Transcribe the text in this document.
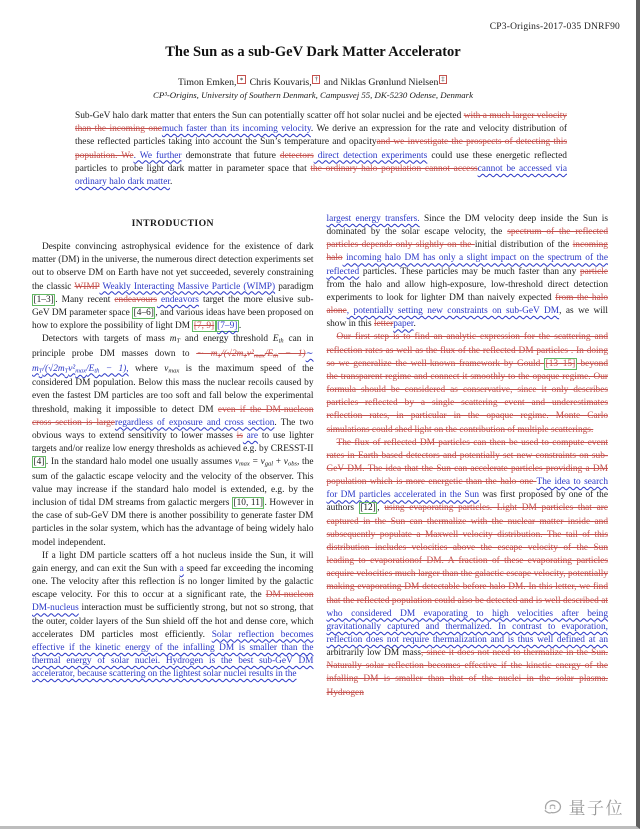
CP3-Origins-2017-035 DNRF90
The Sun as a sub-GeV Dark Matter Accelerator
Timon Emken, ∗ Chris Kouvaris, † and Niklas Grønlund Nielsen ‡
CP³-Origins, University of Southern Denmark, Campusvej 55, DK-5230 Odense, Denmark
Sub-GeV halo dark matter that enters the Sun can potentially scatter off hot solar nuclei and be ejected with a much larger velocity than the incoming onemuch faster than its incoming velocity. We derive an expression for the rate and velocity distribution of these reflected particles taking into account the Sun’s temperature and opacityand we investigate the prospects of detecting this population. We. We further demonstrate that future detectors direct detection experiments could use these energetic reflected particles to probe light dark matter in parameter space that the ordinary halo population cannot accesscannot be accessed via ordinary halo dark matter.
INTRODUCTION

Despite convincing astrophysical evidence for the existence of dark matter (DM) in the universe, the numerous direct detection experiments set out to observe DM on Earth have not yet succeeded, severely constraining the classic WIMP Weakly Interacting Massive Particle (WIMP) paradigm [1–3] . Many recent endeavours endeavors target the more elusive sub-GeV DM parameter space [4–6] , and various ideas have been proposed on how to explore the possibility of light DM [7, 9] [7–9] .

Detectors with targets of mass mT and energy threshold Eth can in principle probe DM masses down to ∼ mT/(√2mTv²max/Eth − 1)∼ mT/(√2mTv²max/Eth − 1), where vmax is the maximum speed of the considered DM population. Below this mass the nuclear recoils caused by even the fastest DM particles are too soft and fall below the experimental threshold, making it impossible to detect DM even if the DM-nucleon cross section is largeregardless of exposure and cross section. The two obvious ways to extend sensitivity to lower masses is are to use lighter targets and/or realize low energy thresholds as achieved e.g. by CRESST-II [4] . In the standard halo model one usually assumes vmax = vgal + vobs, the sum of the galactic escape velocity and the velocity of the observer. This value may increase if the standard halo model is extended, e.g. by the inclusion of tidal DM streams from galactic mergers [10, 11] . However in the case of sub-GeV DM there is another possibility to generate faster DM particles in the solar system, which has the advantage of being widely halo model independent.

If a light DM particle scatters off a hot nucleus inside the Sun, it will gain energy, and can exit the Sun with a speed far exceeding the incoming one. The velocity after this reflection is no longer limited by the galactic escape velocity. For this to occur at a significant rate, the DM-nucleon DM-nucleus interaction must be sufficiently strong, but not so strong, that the outer, colder layers of the Sun shield off the hot and dense core, which accelerates DM particles most efficiently. Solar reflection becomes effective if the kinetic energy of the infalling DM is smaller than the thermal energy of solar nuclei. Hydrogen is the best sub-GeV DM accelerator, because scattering on the lightest solar nuclei results in the

largest energy transfers. Since the DM velocity deep inside the Sun is dominated by the solar escape velocity, the spectrum of the reflected particles depends only slightly on the initial distribution of the incoming halo incoming halo DM has only a slight impact on the spectrum of the reflected particles. These particles may be much faster than any particle from the halo and allow high-exposure, low-threshold direct detection experiments to look for lighter DM than naively expected from the halo alone, potentially setting new constraints on sub-GeV DM, as we will show in this letterpaper.

Our first step is to find an analytic expression for the scattering and reflection rates as well as the flux of the reflected DM particles . In doing so we generalize the well-known framework by Gould [13–15] beyond the transparent regime and connect it smoothly to the opaque regime. Our formula should be considered as conservative, since it only describes particles reflected by a single scattering event and underestimates reflection rates, in particular in the opaque regime. Monte Carlo simulations could shed light on the contribution of multiple scatterings.

The flux of reflected DM particles can then be used to compute event rates in Earth based detectors and potentially set new constraints on sub-GeV DM. The idea that the Sun can accelerate particles providing a DM population which is more energetic than the halo one The idea to search for DM particles accelerated in the Sun was first proposed by one of the authors [12] , using evaporating particles. Light DM particles that are captured in the Sun can thermalize with the nuclear matter inside and subsequently populate a Maxwell velocity distribution. The tail of this distribution includes velocities above the escape velocity of the Sun leading to evaporationof DM. A fraction of these evaporating particles acquire velocities much larger than the galactic escape velocity, potentially making evaporating DM detectable before halo DM. In this letter, we find that the reflected population could also be detected and is well described at who considered DM evaporating to high velocities after being gravitationally captured and thermalized. In contrast to evaporation, reflection does not require thermalization and is thus well defined at an arbitrarily low DM mass, since it does not need to thermalize in the Sun. Naturally solar reflection becomes effective if the kinetic energy of the infalling DM is smaller than that of the nuclei in the solar plasma. Hydrogen

量子位
